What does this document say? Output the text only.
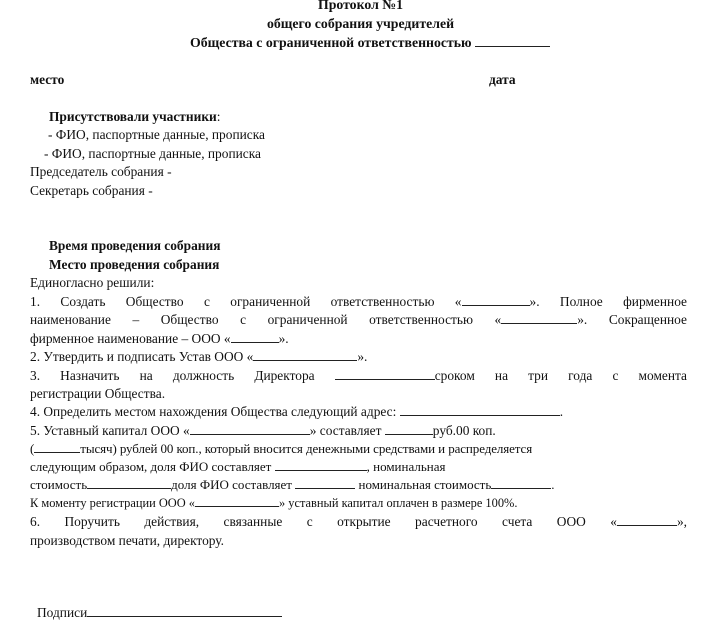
Протокол №1
общего собрания учредителей
Общества с ограниченной ответственностью
место	дата
Присутствовали участники:
- ФИО, паспортные данные, прописка
- ФИО, паспортные данные, прописка
Председатель собрания -
Секретарь собрания -
Время проведения собрания
Место проведения собрания
Единогласно решили:
1. Создать Общество с ограниченной ответственностью «	». Полное фирменное
наименование – Общество с ограниченной ответственностью «	». Сокращенное
фирменное наименование – ООО «	».
2. Утвердить и подписать Устав ООО «	».
3. Назначить на должность Директора	сроком на три года с момента
регистрации Общества.
4. Определить местом нахождения Общества следующий адрес:	.
5. Уставный капитал ООО «	» составляет	руб.00 коп.
(	тысяч) рублей 00 коп., который вносится денежными средствами и распределяется
следующим образом, доля ФИО составляет	, номинальная
стоимость	доля ФИО составляет	номинальная стоимость	.
К моменту регистрации ООО «	» уставный капитал оплачен в размере 100%.
6. Поручить действия, связанные с открытие расчетного счета ООО «	»,
производством печати, директору.
Подписи
